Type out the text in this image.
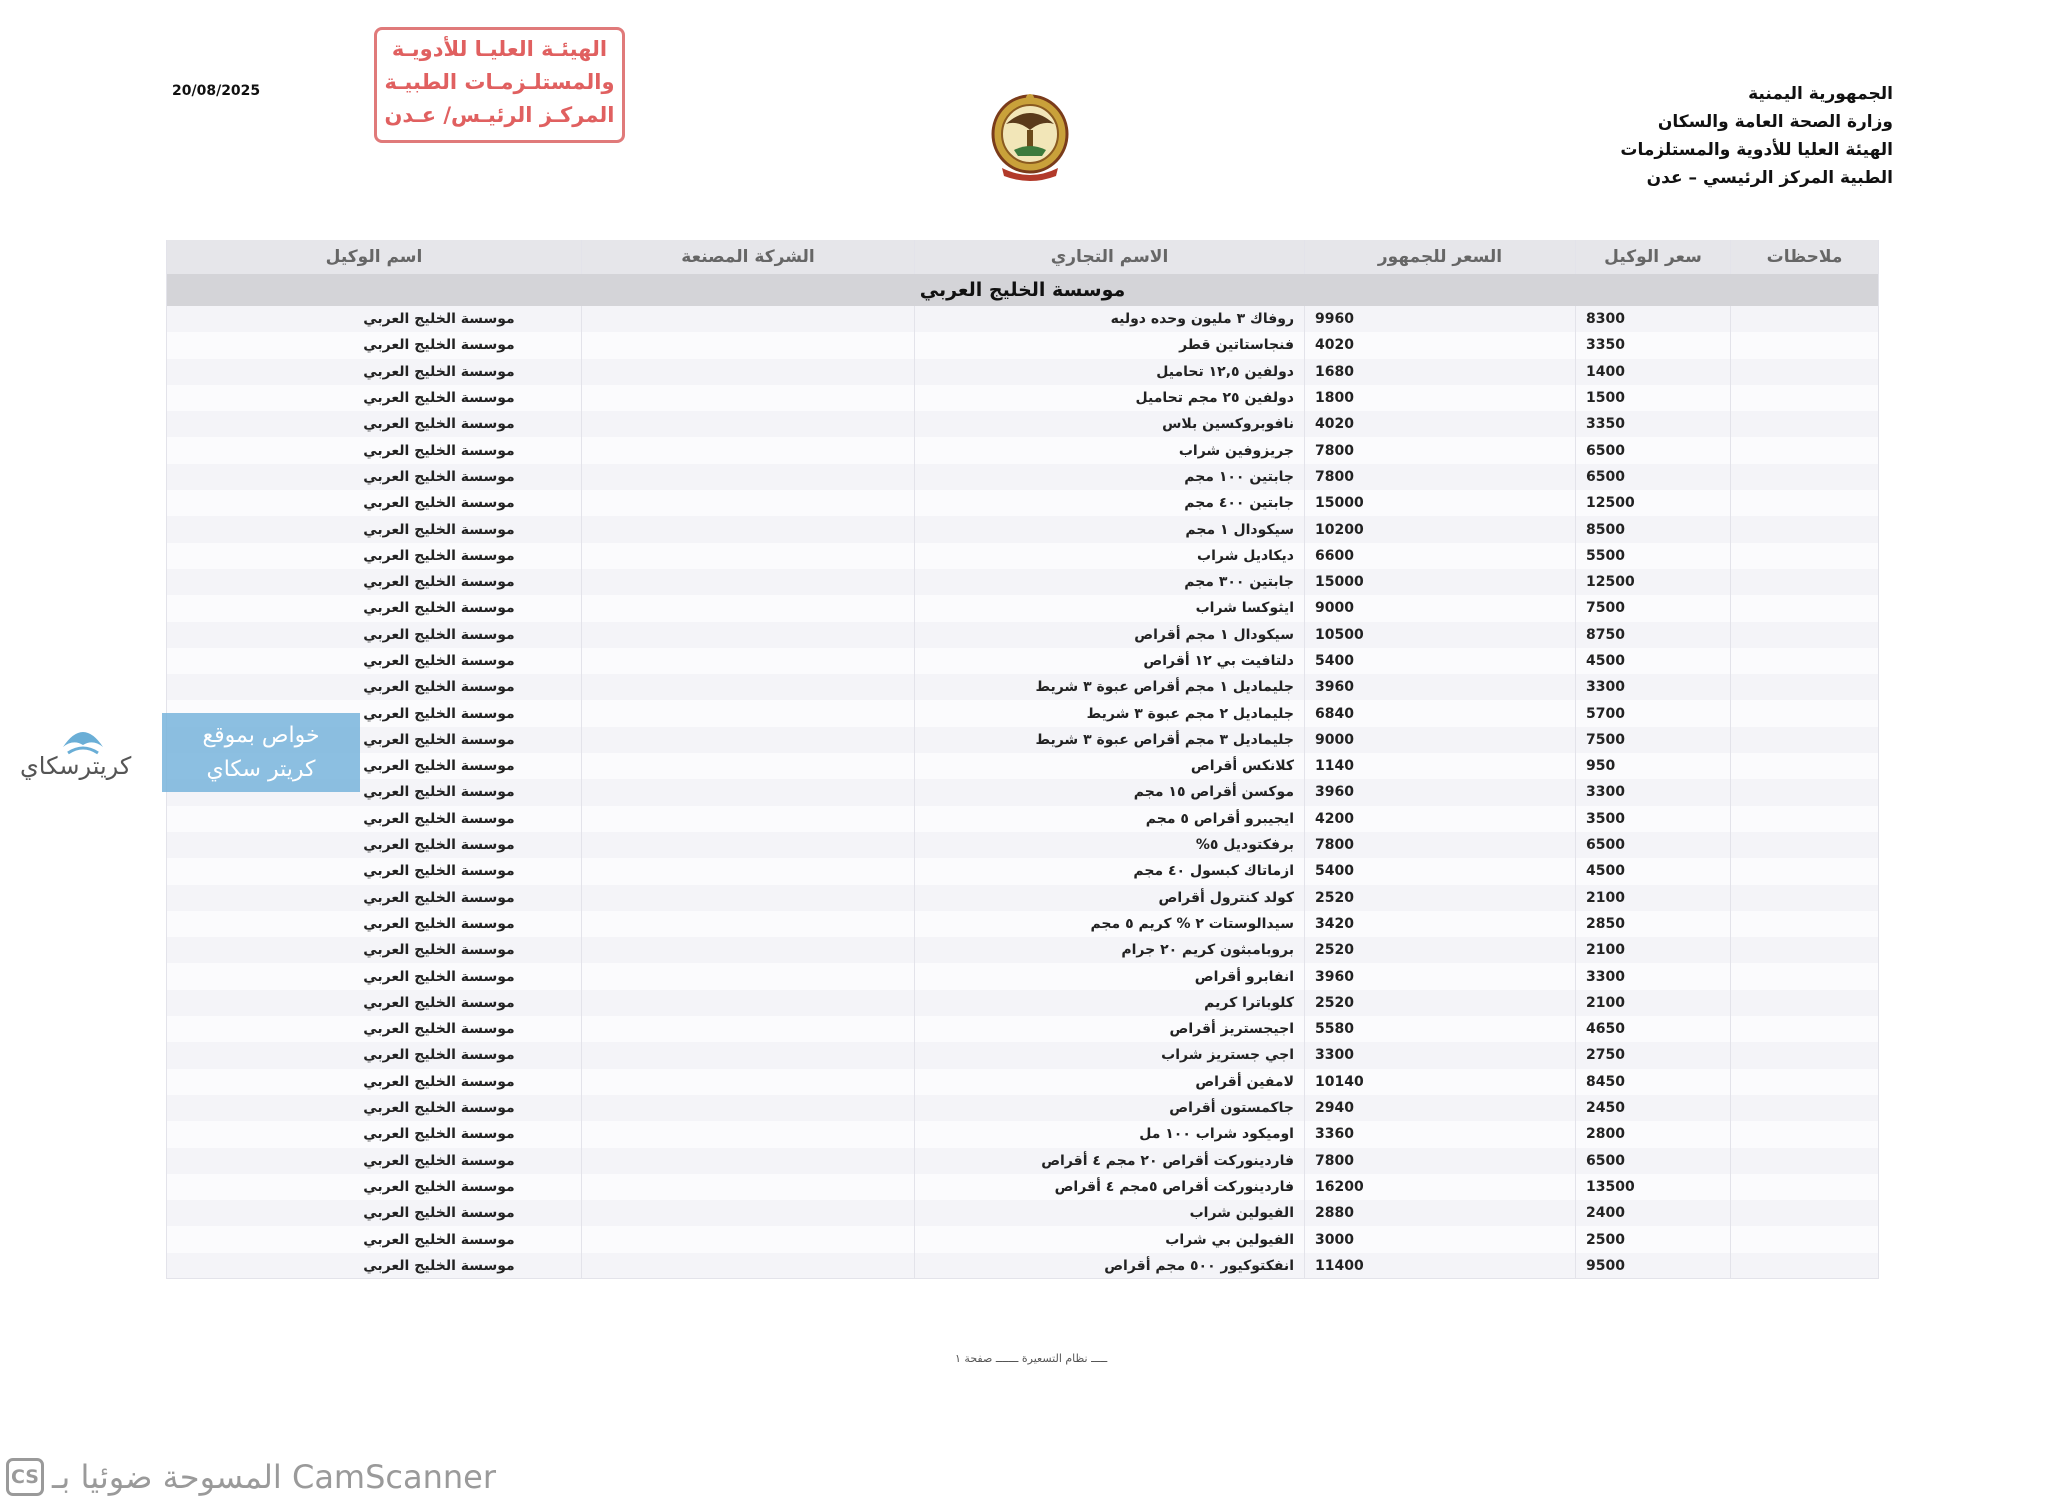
الجمهورية اليمنية
وزارة الصحة العامة والسكان
الهيئة العليا للأدوية والمستلزمات
الطبية المركز الرئيسي – عدن
20/08/2025
الهيئـة العليـا للأدويـة
والمستلـزمـات الطبيـة
المركـز الرئيـس/ عـدن
ملاحظات	سعر الوكيل	السعر للجمهور	الاسم التجاري	الشركة المصنعة	اسم الوكيل
موسسة الخليج العربي					
	8300	9960	روفاك ٣ مليون وحده دوليه		موسسة الخليج العربي
	3350	4020	فنجاستاتين قطر		موسسة الخليج العربي
	1400	1680	دولفين ١٢,٥ تحاميل		موسسة الخليج العربي
	1500	1800	دولفين ٢٥ مجم تحاميل		موسسة الخليج العربي
	3350	4020	نافوبروكسين بلاس		موسسة الخليج العربي
	6500	7800	جريزوفين شراب		موسسة الخليج العربي
	6500	7800	جابتين ١٠٠ مجم		موسسة الخليج العربي
	12500	15000	جابتين ٤٠٠ مجم		موسسة الخليج العربي
	8500	10200	سيكودال ١ مجم		موسسة الخليج العربي
	5500	6600	ديكاديل شراب		موسسة الخليج العربي
	12500	15000	جابتين ٣٠٠ مجم		موسسة الخليج العربي
	7500	9000	ايثوكسا شراب		موسسة الخليج العربي
	8750	10500	سيكودال ١ مجم أقراص		موسسة الخليج العربي
	4500	5400	دلتافيت بي ١٢ أقراص		موسسة الخليج العربي
	3300	3960	جليماديل ١ مجم أقراص عبوة ٣ شريط		موسسة الخليج العربي
	5700	6840	جليماديل ٢ مجم عبوة ٣ شريط		موسسة الخليج العربي
	7500	9000	جليماديل ٣ مجم أقراص عبوة ٣ شريط		موسسة الخليج العربي
	950	1140	كلانكس أقراص		موسسة الخليج العربي
	3300	3960	موكسن أقراص ١٥ مجم		موسسة الخليج العربي
	3500	4200	ايجيبرو أقراص ٥ مجم		موسسة الخليج العربي
	6500	7800	برفكتوديل ٥%		موسسة الخليج العربي
	4500	5400	ازماتاك كبسول ٤٠ مجم		موسسة الخليج العربي
	2100	2520	كولد كنترول أقراص		موسسة الخليج العربي
	2850	3420	سيدالوستات ٢ % كريم ٥ مجم		موسسة الخليج العربي
	2100	2520	بروبامبثون كريم ٢٠ جرام		موسسة الخليج العربي
	3300	3960	انفابرو أقراص		موسسة الخليج العربي
	2100	2520	كلوباترا كريم		موسسة الخليج العربي
	4650	5580	اجيجستريز أقراص		موسسة الخليج العربي
	2750	3300	اجي جستريز شراب		موسسة الخليج العربي
	8450	10140	لامفين أقراص		موسسة الخليج العربي
	2450	2940	جاكمستون أقراص		موسسة الخليج العربي
	2800	3360	اوميكود شراب ١٠٠ مل		موسسة الخليج العربي
	6500	7800	فاردينوركت أقراص ٢٠ مجم ٤ أقراص		موسسة الخليج العربي
	13500	16200	فاردينوركت أقراص ٥مجم ٤ أقراص		موسسة الخليج العربي
	2400	2880	الفيولين شراب		موسسة الخليج العربي
	2500	3000	الفيولين بي شراب		موسسة الخليج العربي
	9500	11400	انفكتوكيور ٥٠٠ مجم أقراص		موسسة الخليج العربي
ـــــ نظام التسعيرة ـــــــ صفحة ١
خواص بموقع
كريتر سكاي
كريترسكاي
CS المسوحة ضوئيا بـ CamScanner
